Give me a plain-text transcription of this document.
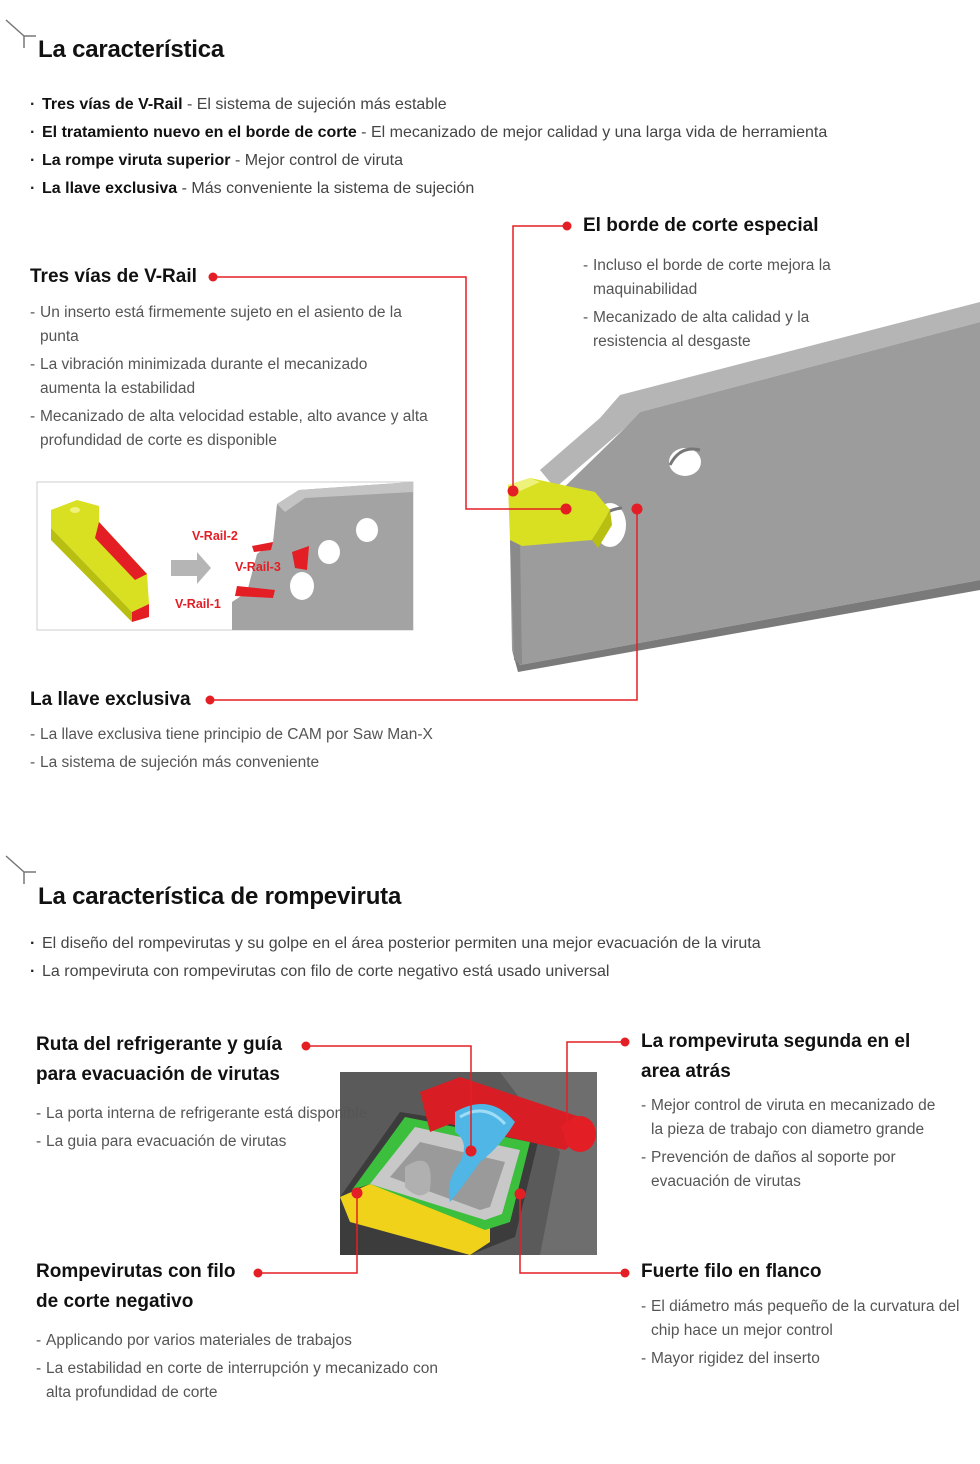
La característica
· Tres vías de V-Rail - El sistema de sujeción más estable
· El tratamiento nuevo en el borde de corte - El mecanizado de mejor calidad y una larga vida de herramienta
· La rompe viruta superior - Mejor control de viruta
· La llave exclusiva - Más conveniente la sistema de sujeción
V-Rail-2
V-Rail-3
V-Rail-1
Tres vías de V-Rail
- Un inserto está firmemente sujeto en el asiento de la punta
- La vibración minimizada durante el mecanizado aumenta la estabilidad
- Mecanizado de alta velocidad estable, alto avance y alta profundidad de corte es disponible
El borde de corte especial
- Incluso el borde de corte mejora la maquinabilidad
- Mecanizado de alta calidad y la resistencia al desgaste
La llave exclusiva
- La llave exclusiva tiene principio de CAM por Saw Man-X
- La sistema de sujeción más conveniente
La característica de rompeviruta
· El diseño del rompevirutas y su golpe en el área posterior permiten una mejor evacuación de la viruta
· La rompeviruta con rompevirutas con filo de corte negativo está usado universal
Ruta del refrigerante y guía
para evacuación de virutas
- La porta interna de refrigerante está disponible
- La guia para evacuación de virutas
La rompeviruta segunda en el
area atrás
- Mejor control de viruta en mecanizado de la pieza de trabajo con diametro grande
- Prevención de daños al soporte por evacuación de virutas
Rompevirutas con filo
de corte negativo
- Applicando por varios materiales de trabajos
- La estabilidad en corte de interrupción y mecanizado con alta profundidad de corte
Fuerte filo en flanco
- El diámetro más pequeño de la curvatura del chip hace un mejor control
- Mayor rigidez del inserto
